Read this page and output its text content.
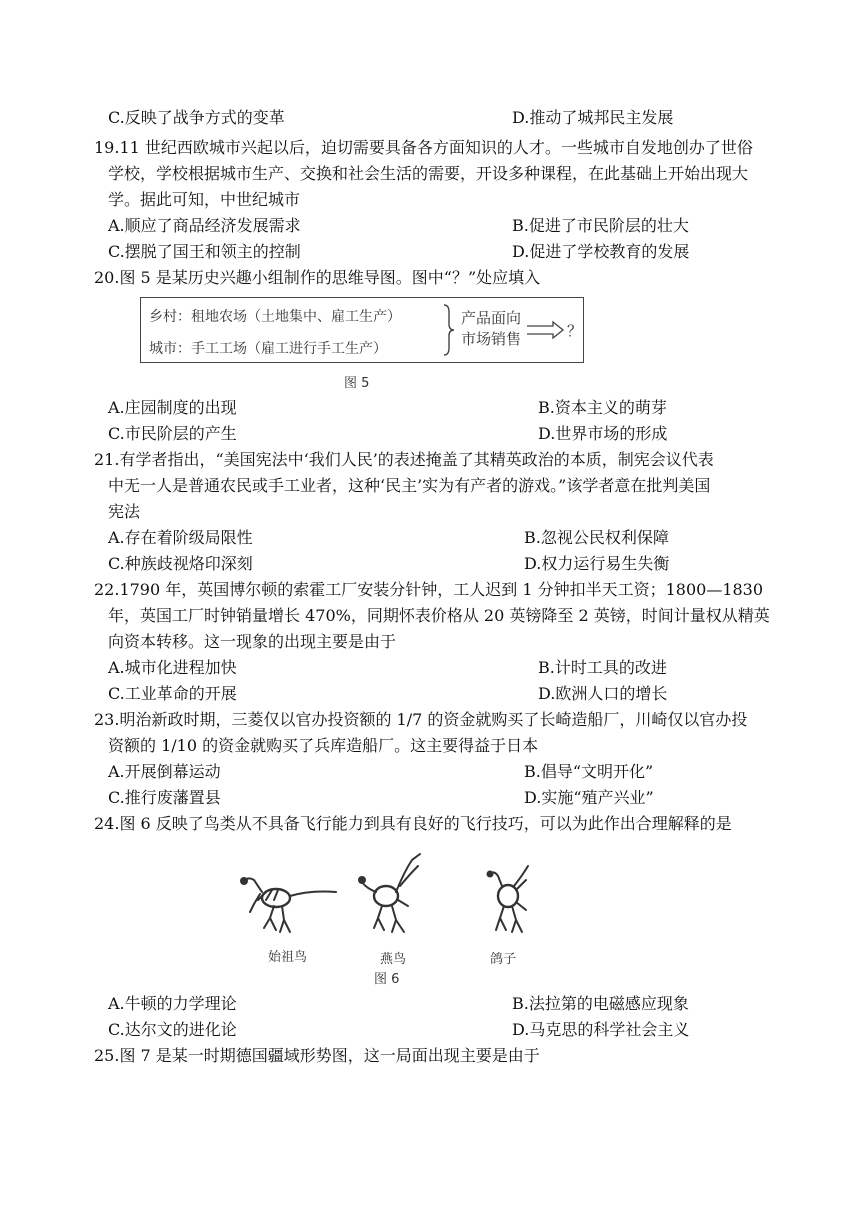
C.反映了战争方式的变革	D.推动了城邦民主发展
19.11 世纪西欧城市兴起以后，迫切需要具备各方面知识的人才。一些城市自发地创办了世俗
学校，学校根据城市生产、交换和社会生活的需要，开设多种课程，在此基础上开始出现大
学。据此可知，中世纪城市
A.顺应了商品经济发展需求	B.促进了市民阶层的壮大
C.摆脱了国王和领主的控制	D.促进了学校教育的发展
20.图 5 是某历史兴趣小组制作的思维导图。图中“？”处应填入
乡村：租地农场（土地集中、雇工生产）
城市：手工工场（雇工进行手工生产）
产品面向
市场销售	？
图 5
A.庄园制度的出现	B.资本主义的萌芽
C.市民阶层的产生	D.世界市场的形成
21.有学者指出，“美国宪法中‘我们人民’的表述掩盖了其精英政治的本质，制宪会议代表
中无一人是普通农民或手工业者，这种‘民主’实为有产者的游戏。”该学者意在批判美国
宪法
A.存在着阶级局限性	B.忽视公民权利保障
C.种族歧视烙印深刻	D.权力运行易生失衡
22.1790 年，英国博尔顿的索霍工厂安装分针钟，工人迟到 1 分钟扣半天工资；1800—1830
年，英国工厂时钟销量增长 470%，同期怀表价格从 20 英镑降至 2 英镑，时间计量权从精英
向资本转移。这一现象的出现主要是由于
A.城市化进程加快	B.计时工具的改进
C.工业革命的开展	D.欧洲人口的增长
23.明治新政时期，三菱仅以官办投资额的 1/7 的资金就购买了长崎造船厂，川崎仅以官办投
资额的 1/10 的资金就购买了兵库造船厂。这主要得益于日本
A.开展倒幕运动	B.倡导“文明开化”
C.推行废藩置县	D.实施“殖产兴业”
24.图 6 反映了鸟类从不具备飞行能力到具有良好的飞行技巧，可以为此作出合理解释的是
始祖鸟	燕鸟	鸽子
图 6
A.牛顿的力学理论	B.法拉第的电磁感应现象
C.达尔文的进化论	D.马克思的科学社会主义
25.图 7 是某一时期德国疆域形势图，这一局面出现主要是由于
